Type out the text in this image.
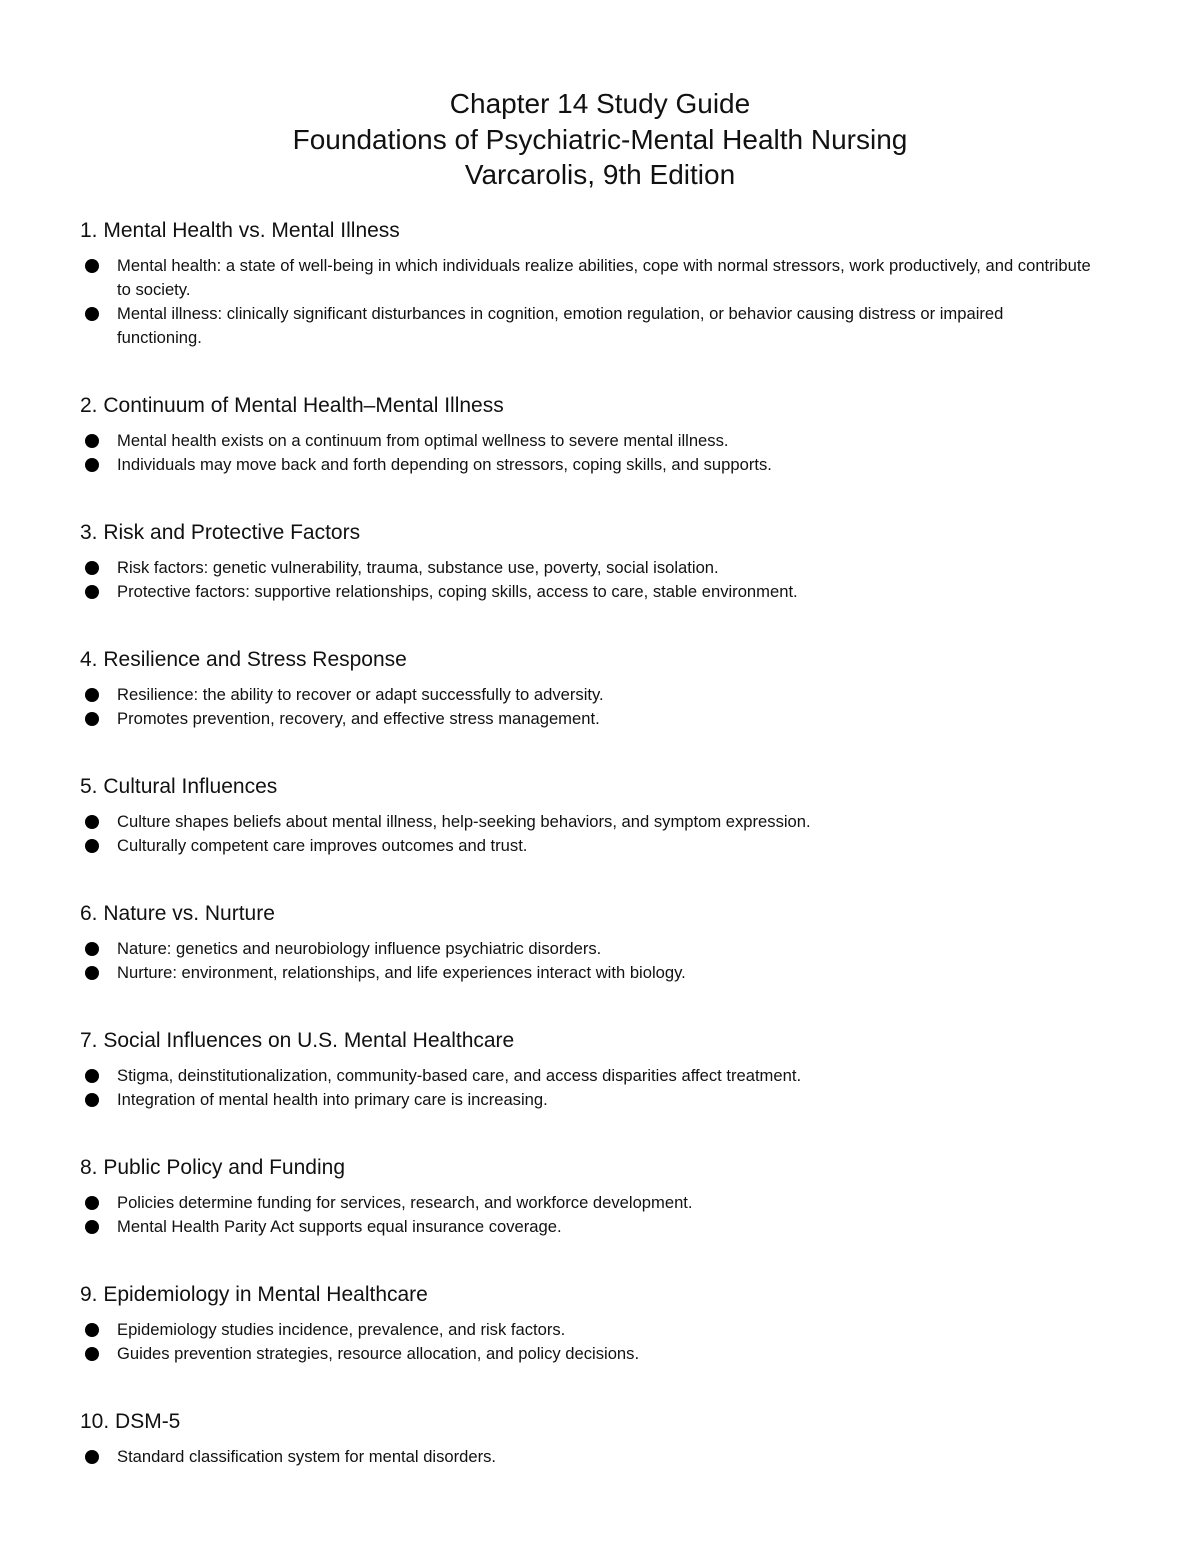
Chapter 14 Study Guide
Foundations of Psychiatric-Mental Health Nursing
Varcarolis, 9th Edition
1. Mental Health vs. Mental Illness
Mental health: a state of well-being in which individuals realize abilities, cope with normal stressors, work productively, and contribute to society.
Mental illness: clinically significant disturbances in cognition, emotion regulation, or behavior causing distress or impaired functioning.
2. Continuum of Mental Health–Mental Illness
Mental health exists on a continuum from optimal wellness to severe mental illness.
Individuals may move back and forth depending on stressors, coping skills, and supports.
3. Risk and Protective Factors
Risk factors: genetic vulnerability, trauma, substance use, poverty, social isolation.
Protective factors: supportive relationships, coping skills, access to care, stable environment.
4. Resilience and Stress Response
Resilience: the ability to recover or adapt successfully to adversity.
Promotes prevention, recovery, and effective stress management.
5. Cultural Influences
Culture shapes beliefs about mental illness, help-seeking behaviors, and symptom expression.
Culturally competent care improves outcomes and trust.
6. Nature vs. Nurture
Nature: genetics and neurobiology influence psychiatric disorders.
Nurture: environment, relationships, and life experiences interact with biology.
7. Social Influences on U.S. Mental Healthcare
Stigma, deinstitutionalization, community-based care, and access disparities affect treatment.
Integration of mental health into primary care is increasing.
8. Public Policy and Funding
Policies determine funding for services, research, and workforce development.
Mental Health Parity Act supports equal insurance coverage.
9. Epidemiology in Mental Healthcare
Epidemiology studies incidence, prevalence, and risk factors.
Guides prevention strategies, resource allocation, and policy decisions.
10. DSM-5
Standard classification system for mental disorders.
